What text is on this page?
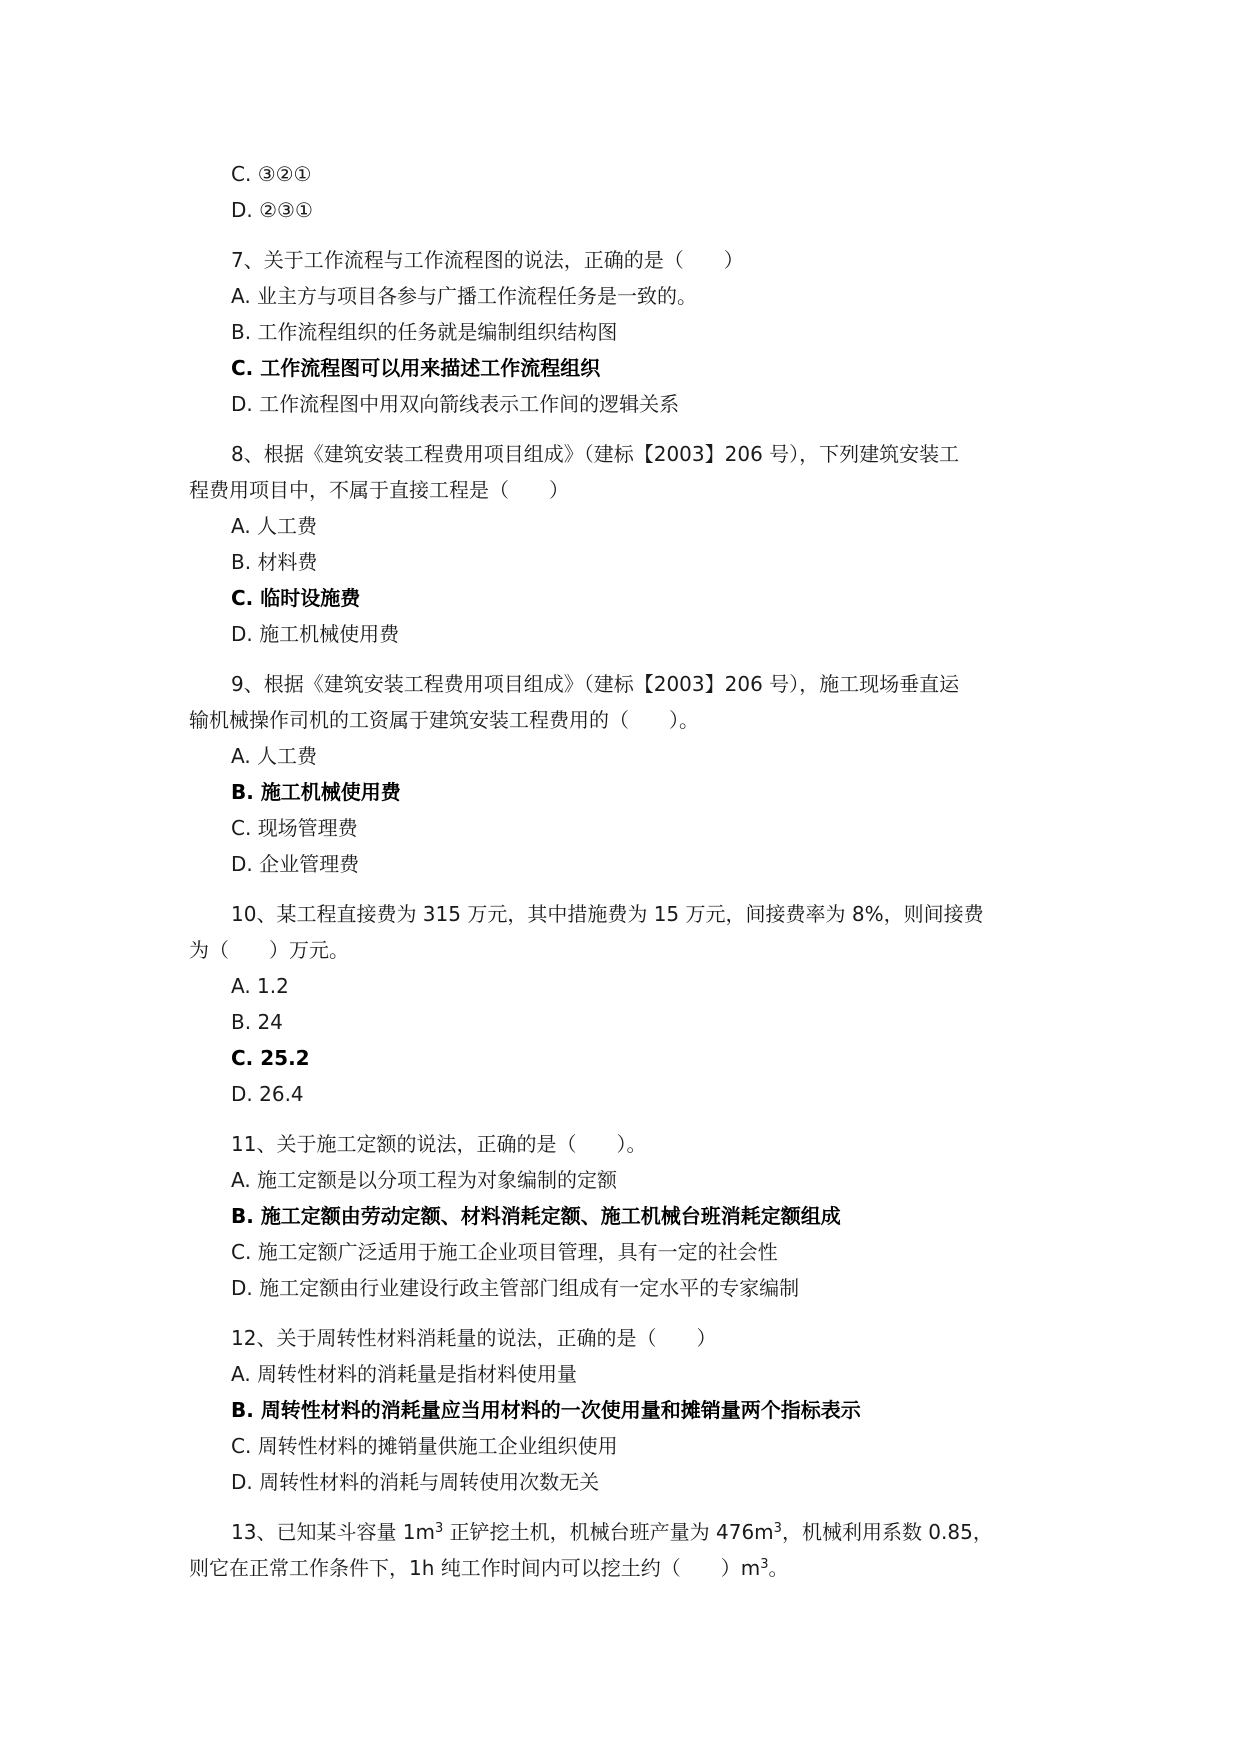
C. ③②①
D. ②③①
7、关于工作流程与工作流程图的说法，正确的是（　　）
A. 业主方与项目各参与广播工作流程任务是一致的。
B. 工作流程组织的任务就是编制组织结构图
C. 工作流程图可以用来描述工作流程组织
D. 工作流程图中用双向箭线表示工作间的逻辑关系
8、根据《建筑安装工程费用项目组成》（建标【2003】206 号），下列建筑安装工
程费用项目中，不属于直接工程是（　　）
A. 人工费
B. 材料费
C. 临时设施费
D. 施工机械使用费
9、根据《建筑安装工程费用项目组成》（建标【2003】206 号），施工现场垂直运
输机械操作司机的工资属于建筑安装工程费用的（　　）。
A. 人工费
B. 施工机械使用费
C. 现场管理费
D. 企业管理费
10、某工程直接费为 315 万元，其中措施费为 15 万元，间接费率为 8%，则间接费
为（　　）万元。
A. 1.2
B. 24
C. 25.2
D. 26.4
11、关于施工定额的说法，正确的是（　　）。
A. 施工定额是以分项工程为对象编制的定额
B. 施工定额由劳动定额、材料消耗定额、施工机械台班消耗定额组成
C. 施工定额广泛适用于施工企业项目管理，具有一定的社会性
D. 施工定额由行业建设行政主管部门组成有一定水平的专家编制
12、关于周转性材料消耗量的说法，正确的是（　　）
A. 周转性材料的消耗量是指材料使用量
B. 周转性材料的消耗量应当用材料的一次使用量和摊销量两个指标表示
C. 周转性材料的摊销量供施工企业组织使用
D. 周转性材料的消耗与周转使用次数无关
13、已知某斗容量 $1m^3$ 正铲挖土机，机械台班产量为 $476m^3$，机械利用系数 0.85，
则它在正常工作条件下，1h 纯工作时间内可以挖土约（　　）$m^3$。
